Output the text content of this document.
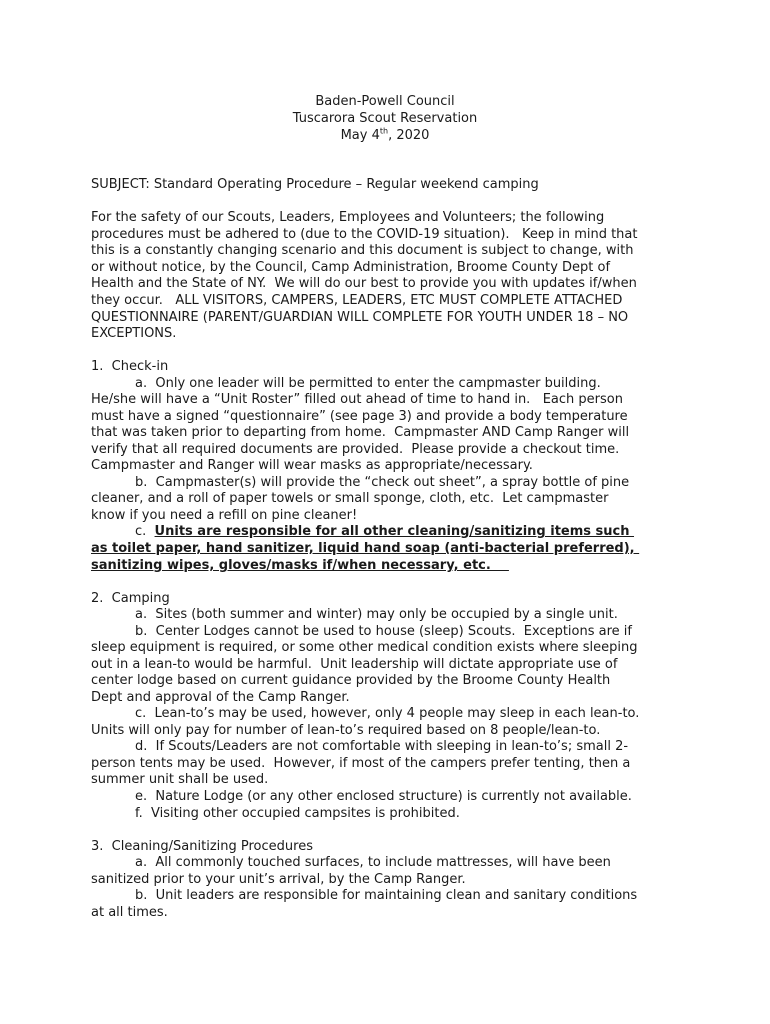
Baden-Powell Council
Tuscarora Scout Reservation
May 4th, 2020
SUBJECT: Standard Operating Procedure – Regular weekend camping
For the safety of our Scouts, Leaders, Employees and Volunteers; the following
procedures must be adhered to (due to the COVID-19 situation).   Keep in mind that
this is a constantly changing scenario and this document is subject to change, with
or without notice, by the Council, Camp Administration, Broome County Dept of
Health and the State of NY.  We will do our best to provide you with updates if/when
they occur.   ALL VISITORS, CAMPERS, LEADERS, ETC MUST COMPLETE ATTACHED
QUESTIONNAIRE (PARENT/GUARDIAN WILL COMPLETE FOR YOUTH UNDER 18 – NO
EXCEPTIONS.
1.  Check-in
a.  Only one leader will be permitted to enter the campmaster building.
He/she will have a “Unit Roster” filled out ahead of time to hand in.   Each person
must have a signed “questionnaire” (see page 3) and provide a body temperature
that was taken prior to departing from home.  Campmaster AND Camp Ranger will
verify that all required documents are provided.  Please provide a checkout time.
Campmaster and Ranger will wear masks as appropriate/necessary.
b.  Campmaster(s) will provide the “check out sheet”, a spray bottle of pine
cleaner, and a roll of paper towels or small sponge, cloth, etc.  Let campmaster
know if you need a refill on pine cleaner!
c.  Units are responsible for all other cleaning/sanitizing items such
as toilet paper, hand sanitizer, liquid hand soap (anti-bacterial preferred),
sanitizing wipes, gloves/masks if/when necessary, etc.
2.  Camping
a.  Sites (both summer and winter) may only be occupied by a single unit.
b.  Center Lodges cannot be used to house (sleep) Scouts.  Exceptions are if
sleep equipment is required, or some other medical condition exists where sleeping
out in a lean-to would be harmful.  Unit leadership will dictate appropriate use of
center lodge based on current guidance provided by the Broome County Health
Dept and approval of the Camp Ranger.
c.  Lean-to’s may be used, however, only 4 people may sleep in each lean-to.
Units will only pay for number of lean-to’s required based on 8 people/lean-to.
d.  If Scouts/Leaders are not comfortable with sleeping in lean-to’s; small 2-
person tents may be used.  However, if most of the campers prefer tenting, then a
summer unit shall be used.
e.  Nature Lodge (or any other enclosed structure) is currently not available.
f.  Visiting other occupied campsites is prohibited.
3.  Cleaning/Sanitizing Procedures
a.  All commonly touched surfaces, to include mattresses, will have been
sanitized prior to your unit’s arrival, by the Camp Ranger.
b.  Unit leaders are responsible for maintaining clean and sanitary conditions
at all times.
